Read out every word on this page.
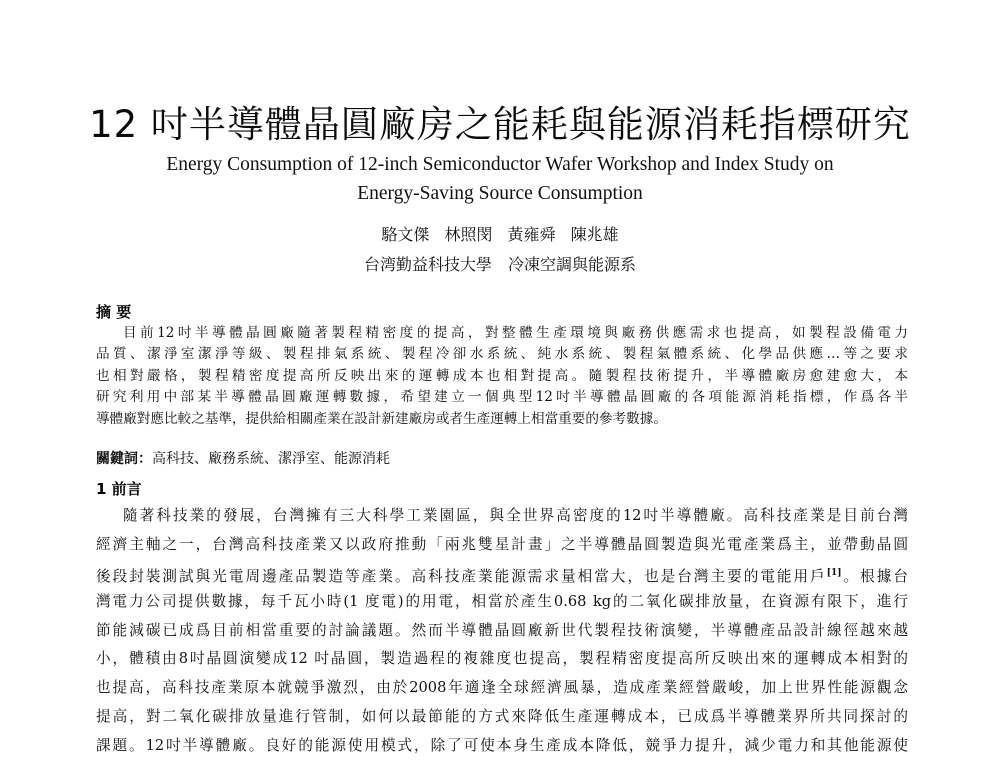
12 吋半導體晶圓廠房之能耗與能源消耗指標研究
Energy Consumption of 12-inch Semiconductor Wafer Workshop and Index Study on
Energy-Saving Source Consumption
駱文傑 林照閔 黃雍舜 陳兆雄
台湾勤益科技大學　冷凍空調與能源系
摘 要
目前12吋半導體晶圓廠隨著製程精密度的提高，對整體生產環境與廠務供應需求也提高，如製程設備電力
品質、潔淨室潔淨等級、製程排氣系統、製程冷卻水系統、純水系統、製程氣體系統、化學品供應…等之要求
也相對嚴格，製程精密度提高所反映出來的運轉成本也相對提高。隨製程技術提升，半導體廠房愈建愈大，本
研究利用中部某半導體晶圓廠運轉數據，希望建立一個典型12吋半導體晶圓廠的各項能源消耗指標，作爲各半
導體廠對應比較之基準，提供給相關產業在設計新建廠房或者生產運轉上相當重要的參考數據。
關鍵詞：高科技、廠務系統、潔淨室、能源消耗
1 前言
隨著科技業的發展，台灣擁有三大科學工業園區，與全世界高密度的12吋半導體廠。高科技產業是目前台灣
經濟主軸之一，台灣高科技產業又以政府推動「兩兆雙星計畫」之半導體晶圓製造與光電產業爲主，並帶動晶圓
後段封裝測試與光電周邊產品製造等產業。高科技產業能源需求量相當大，也是台灣主要的電能用戶[1]。根據台
灣電力公司提供數據，每千瓦小時(1 度電)的用電，相當於產生0.68 kg的二氧化碳排放量，在資源有限下，進行
節能減碳已成爲目前相當重要的討論議題。然而半導體晶圓廠新世代製程技術演變，半導體產品設計線徑越來越
小，體積由8吋晶圓演變成12 吋晶圓，製造過程的複雜度也提高，製程精密度提高所反映出來的運轉成本相對的
也提高，高科技產業原本就競爭激烈，由於2008年適逢全球經濟風暴，造成產業經營嚴峻，加上世界性能源觀念
提高，對二氧化碳排放量進行管制，如何以最節能的方式來降低生產運轉成本，已成爲半導體業界所共同探討的
課題。12吋半導體廠。良好的能源使用模式，除了可使本身生產成本降低，競爭力提升，減少電力和其他能源使
